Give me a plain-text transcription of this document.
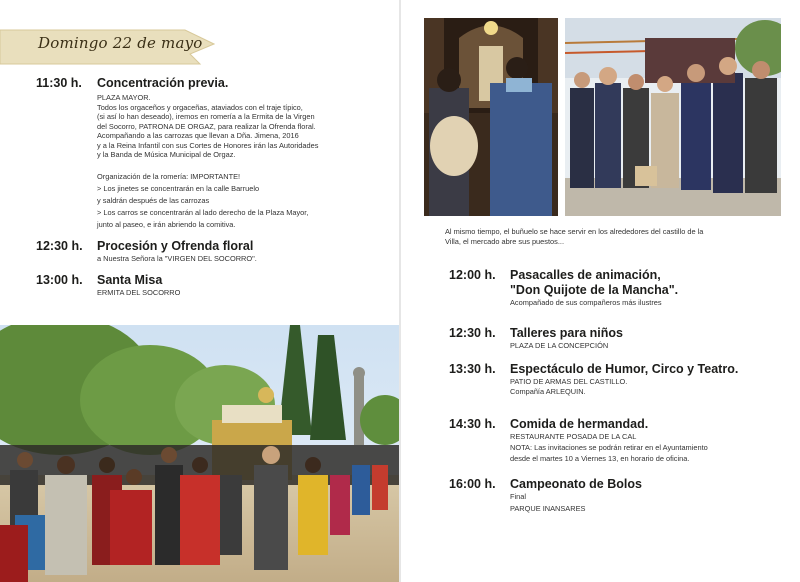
Domingo 22 de mayo
11:30 h. Concentración previa.
PLAZA MAYOR.
Todos los orgaceños y orgaceñas, ataviados con el traje típico,
(si así lo han deseado), iremos en romería a la Ermita de la Virgen
del Socorro, PATRONA DE ORGAZ, para realizar la Ofrenda floral.
Acompañando a las carrozas que llevan a Dña. Jimena, 2016
y a la Reina Infantil con sus Cortes de Honores irán las Autoridades
y la Banda de Música Municipal de Orgaz.
Organización de la romería: IMPORTANTE!
> Los jinetes se concentrarán en la calle Barruelo
y saldrán después de las carrozas
> Los carros se concentrarán al lado derecho de la Plaza Mayor,
junto al paseo, e irán abriendo la comitiva.
12:30 h. Procesión y Ofrenda floral
a Nuestra Señora la "VIRGEN DEL SOCORRO".
13:00 h. Santa Misa
ERMITA DEL SOCORRO
Al mismo tiempo, el buñuelo se hace servir en los alrededores del castillo de la
Villa, el mercado abre sus puestos...
12:00 h. Pasacalles de animación,
"Don Quijote de la Mancha".
Acompañado de sus compañeros más ilustres
12:30 h. Talleres para niños
PLAZA DE LA CONCEPCIÓN
13:30 h. Espectáculo de Humor, Circo y Teatro.
PATIO DE ARMAS DEL CASTILLO.
Compañía ARLEQUIN.
14:30 h. Comida de hermandad.
RESTAURANTE POSADA DE LA CAL
NOTA: Las invitaciones se podrán retirar en el Ayuntamiento
desde el martes 10 a Viernes 13, en horario de oficina.
16:00 h. Campeonato de Bolos
Final
PARQUE INANSARES
